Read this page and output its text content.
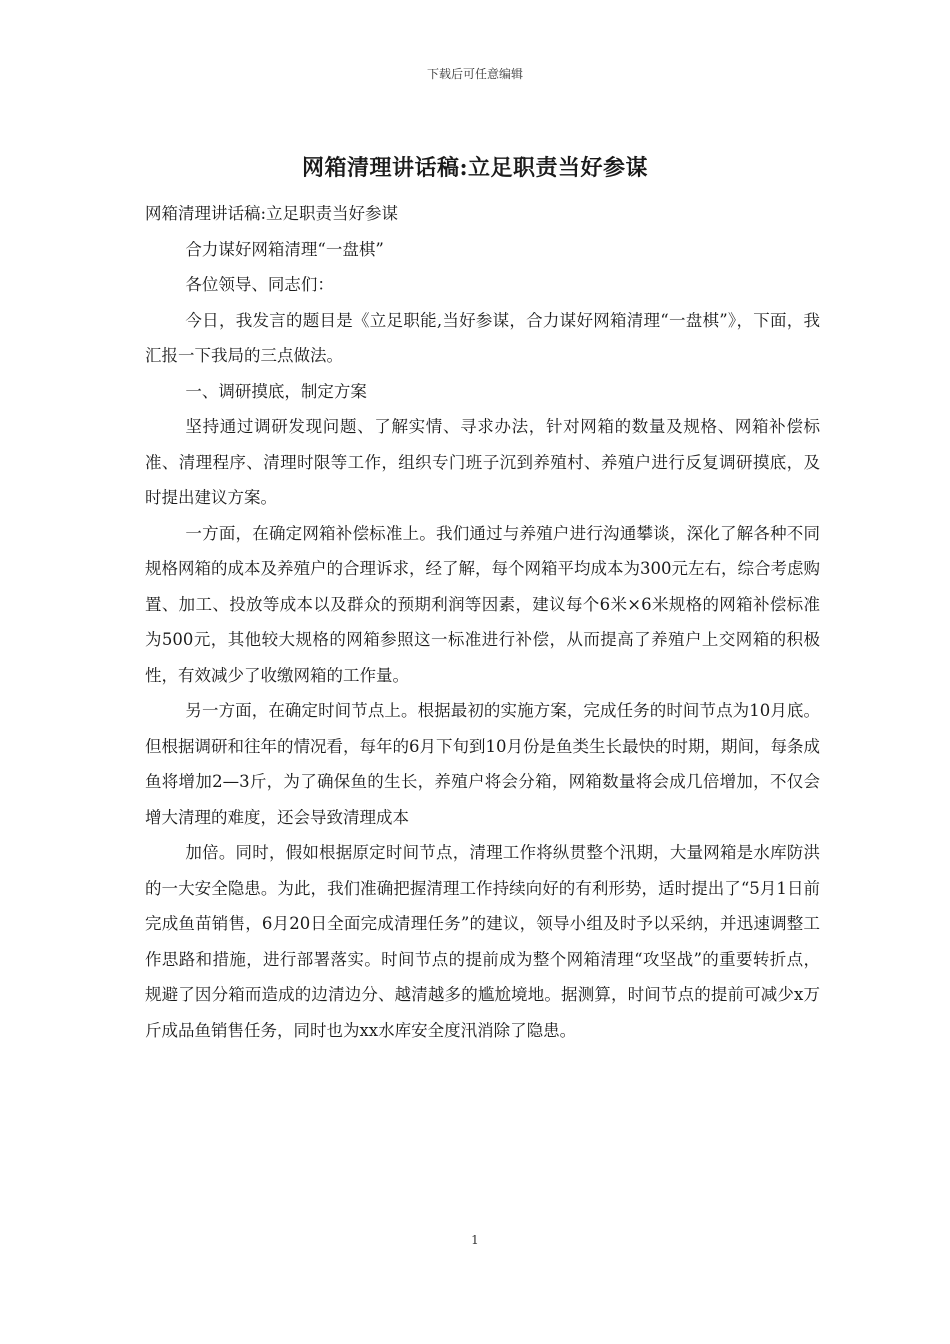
下载后可任意编辑
网箱清理讲话稿:立足职责当好参谋

网箱清理讲话稿:立足职责当好参谋

合力谋好网箱清理“一盘棋”

各位领导、同志们：

今日，我发言的题目是《立足职能,当好参谋，合力谋好网箱清理“一盘棋”》，下面，我汇报一下我局的三点做法。

一、调研摸底，制定方案

坚持通过调研发现问题、了解实情、寻求办法，针对网箱的数量及规格、网箱补偿标准、清理程序、清理时限等工作，组织专门班子沉到养殖村、养殖户进行反复调研摸底，及时提出建议方案。

一方面，在确定网箱补偿标准上。我们通过与养殖户进行沟通攀谈，深化了解各种不同规格网箱的成本及养殖户的合理诉求，经了解，每个网箱平均成本为300元左右，综合考虑购置、加工、投放等成本以及群众的预期利润等因素，建议每个6米×6米规格的网箱补偿标准为500元，其他较大规格的网箱参照这一标准进行补偿，从而提高了养殖户上交网箱的积极性，有效减少了收缴网箱的工作量。

另一方面，在确定时间节点上。根据最初的实施方案，完成任务的时间节点为10月底。但根据调研和往年的情况看，每年的6月下旬到10月份是鱼类生长最快的时期，期间，每条成鱼将增加2—3斤，为了确保鱼的生长，养殖户将会分箱，网箱数量将会成几倍增加，不仅会增大清理的难度，还会导致清理成本

加倍。同时，假如根据原定时间节点，清理工作将纵贯整个汛期，大量网箱是水库防洪的一大安全隐患。为此，我们准确把握清理工作持续向好的有利形势，适时提出了“5月1日前完成鱼苗销售，6月20日全面完成清理任务”的建议，领导小组及时予以采纳，并迅速调整工作思路和措施，进行部署落实。时间节点的提前成为整个网箱清理“攻坚战”的重要转折点，规避了因分箱而造成的边清边分、越清越多的尴尬境地。据测算，时间节点的提前可减少x万斤成品鱼销售任务，同时也为xx水库安全度汛消除了隐患。

1
